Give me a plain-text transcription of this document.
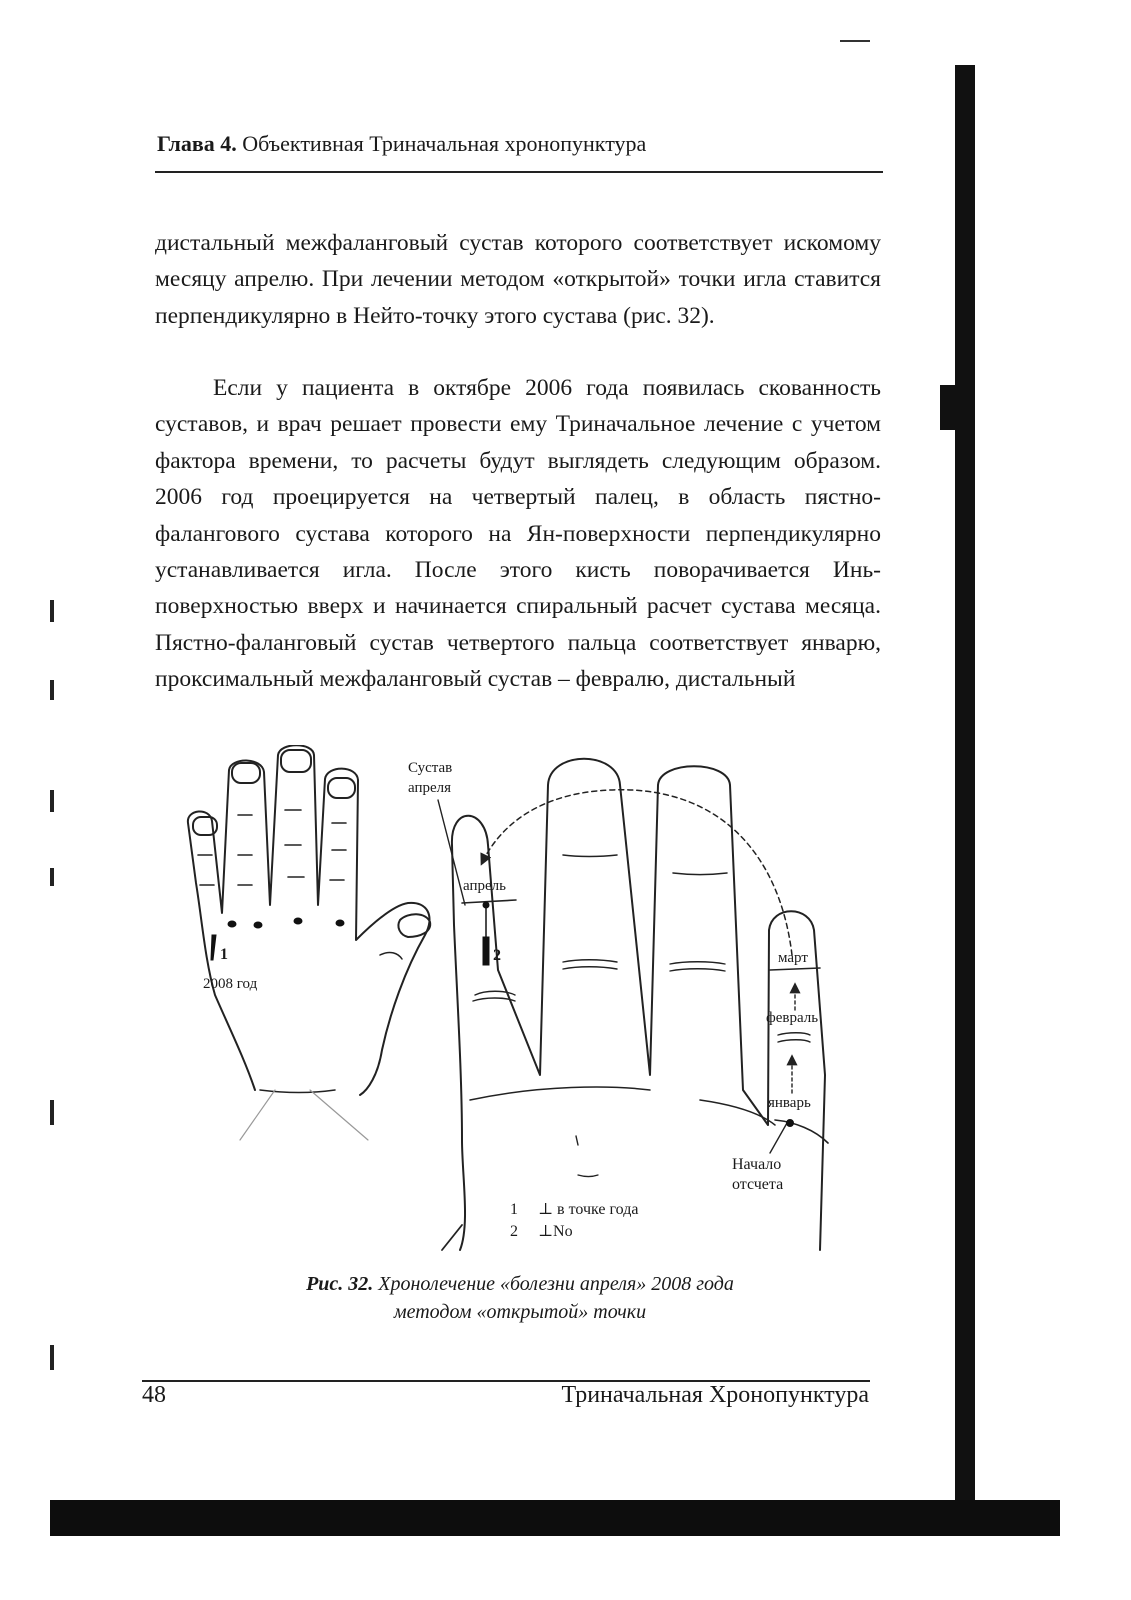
Глава 4. Объективная Триначальная хронопунктура

дистальный межфаланговый сустав которого соответствует искомому месяцу апрелю. При лечении методом «открытой» точки игла ставится перпендикулярно в Нейто-точку этого сустава (рис. 32).

Если у пациента в октябре 2006 года появилась скованность суставов, и врач решает провести ему Триначальное лечение с учетом фактора времени, то расчеты будут выглядеть следующим образом. 2006 год проецируется на четвертый палец, в область пястно-фалангового сустава которого на Ян-поверхности перпендикулярно устанавливается игла. После этого кисть поворачивается Инь-поверхностью вверх и начинается спиральный расчет сустава месяца. Пястно-фаланговый сустав четвертого пальца соответствует январю, проксимальный межфаланговый сустав – февралю, дистальный

1
2008 год
Сустав
апреля
апрель
2	март
февраль
январь
Начало
отсчета
1 ⊥ в точке года
2 ⊥No
Рис. 32. Хронолечение «болезни апреля» 2008 года
методом «открытой» точки
48	Триначальная Хронопунктура
